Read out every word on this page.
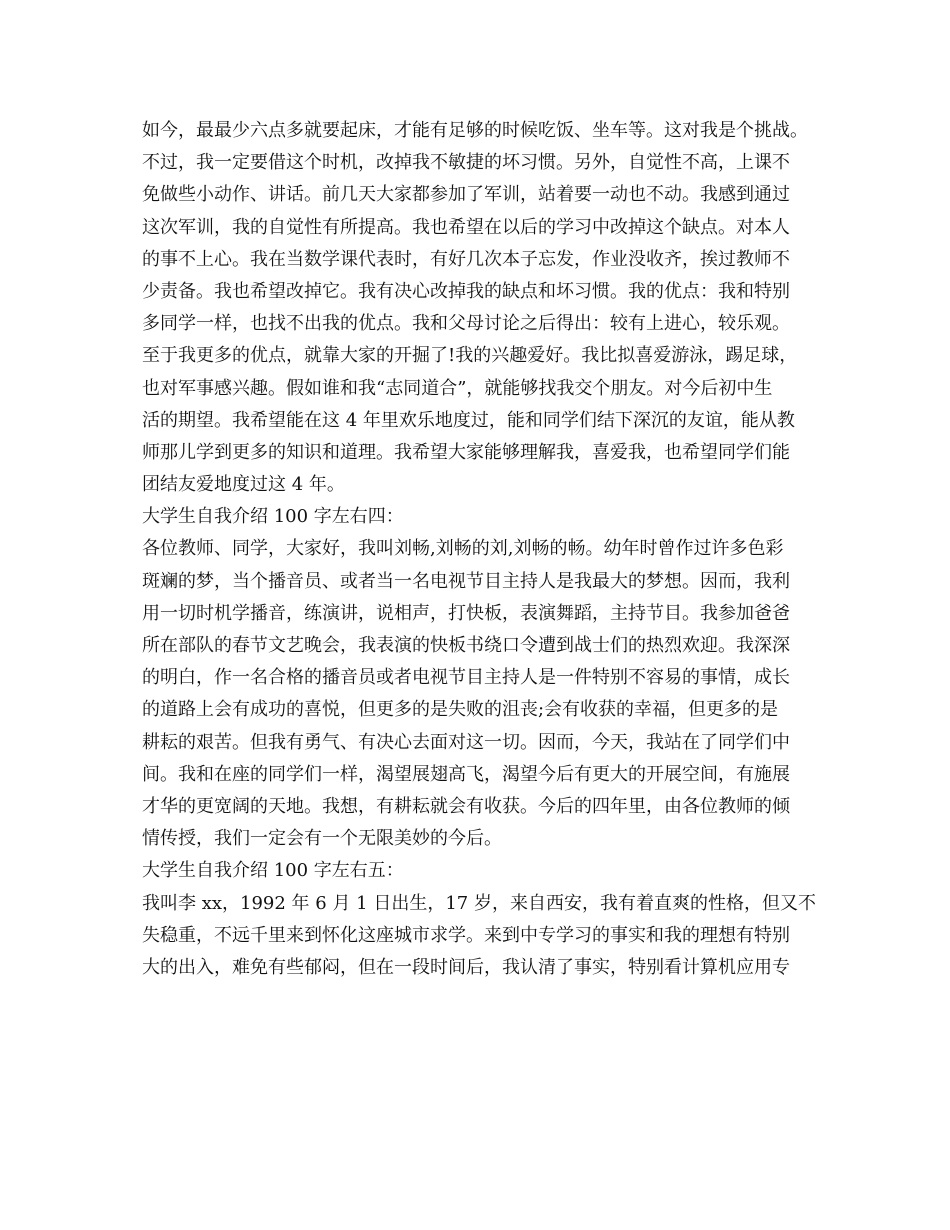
如今，最最少六点多就要起床，才能有足够的时候吃饭、坐车等。这对我是个挑战。
不过，我一定要借这个时机，改掉我不敏捷的坏习惯。另外，自觉性不高，上课不
免做些小动作、讲话。前几天大家都参加了军训，站着要一动也不动。我感到通过
这次军训，我的自觉性有所提高。我也希望在以后的学习中改掉这个缺点。对本人
的事不上心。我在当数学课代表时，有好几次本子忘发，作业没收齐，挨过教师不
少责备。我也希望改掉它。我有决心改掉我的缺点和坏习惯。我的优点：我和特别
多同学一样，也找不出我的优点。我和父母讨论之后得出：较有上进心，较乐观。
至于我更多的优点，就靠大家的开掘了!我的兴趣爱好。我比拟喜爱游泳，踢足球，
也对军事感兴趣。假如谁和我“志同道合”，就能够找我交个朋友。对今后初中生
活的期望。我希望能在这 4 年里欢乐地度过，能和同学们结下深沉的友谊，能从教
师那儿学到更多的知识和道理。我希望大家能够理解我，喜爱我，也希望同学们能
团结友爱地度过这 4 年。
大学生自我介绍 100 字左右四：
各位教师、同学，大家好，我叫刘畅,刘畅的刘,刘畅的畅。幼年时曾作过许多色彩
斑斓的梦，当个播音员、或者当一名电视节目主持人是我最大的梦想。因而，我利
用一切时机学播音，练演讲，说相声，打快板，表演舞蹈，主持节目。我参加爸爸
所在部队的春节文艺晚会，我表演的快板书绕口令遭到战士们的热烈欢迎。我深深
的明白，作一名合格的播音员或者电视节目主持人是一件特别不容易的事情，成长
的道路上会有成功的喜悦，但更多的是失败的沮丧;会有收获的幸福，但更多的是
耕耘的艰苦。但我有勇气、有决心去面对这一切。因而，今天，我站在了同学们中
间。我和在座的同学们一样，渴望展翅高飞，渴望今后有更大的开展空间，有施展
才华的更宽阔的天地。我想，有耕耘就会有收获。今后的四年里，由各位教师的倾
情传授，我们一定会有一个无限美妙的今后。
大学生自我介绍 100 字左右五：
我叫李 xx，1992 年 6 月 1 日出生，17 岁，来自西安，我有着直爽的性格，但又不
失稳重，不远千里来到怀化这座城市求学。来到中专学习的事实和我的理想有特别
大的出入，难免有些郁闷，但在一段时间后，我认清了事实，特别看计算机应用专
